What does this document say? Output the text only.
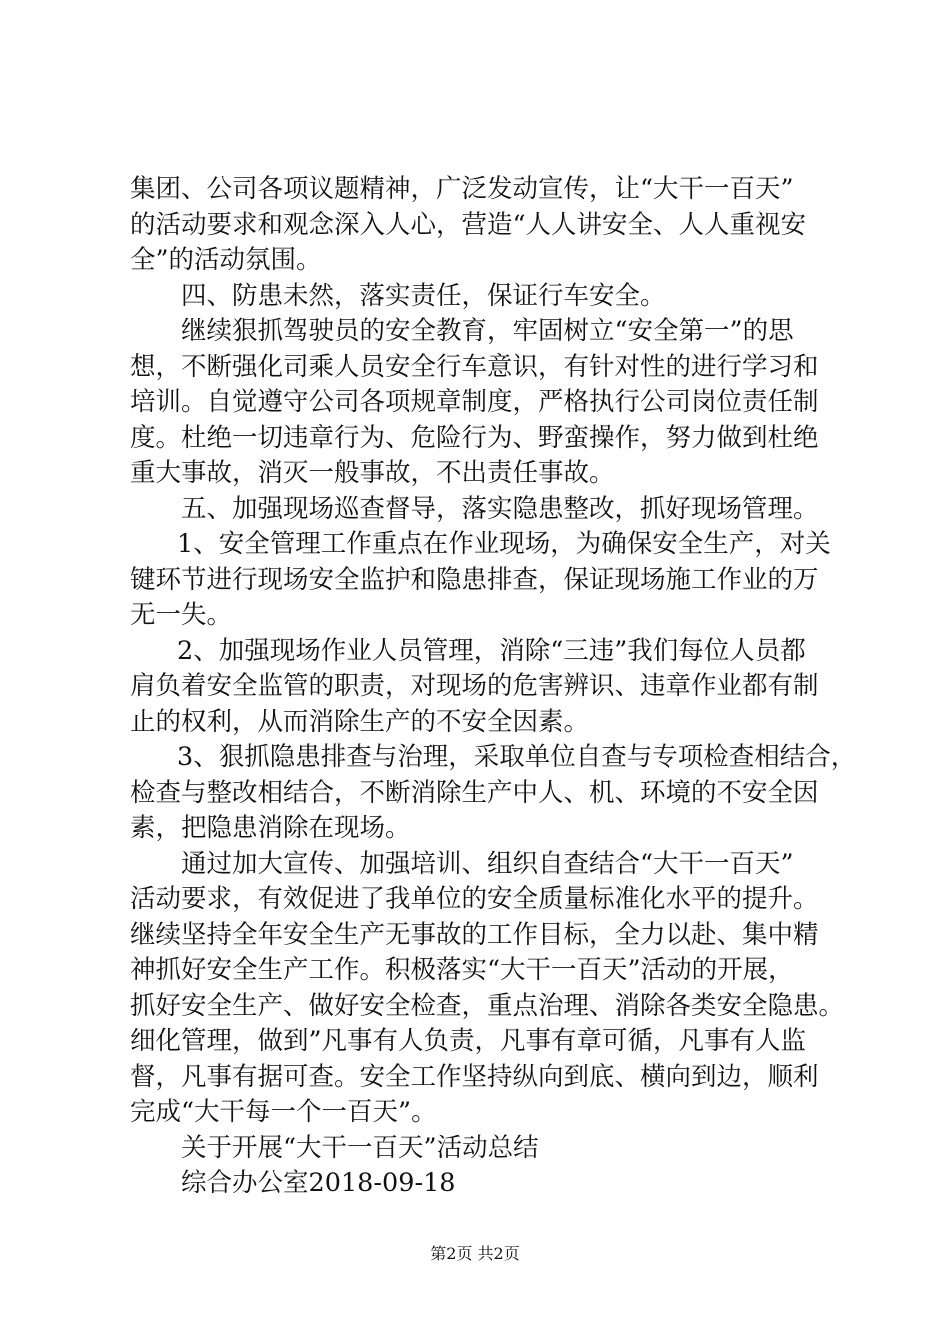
集团、公司各项议题精神，广泛发动宣传，让“大干一百天”
的活动要求和观念深入人心，营造“人人讲安全、人人重视安
全”的活动氛围。
四、防患未然，落实责任，保证行车安全。
继续狠抓驾驶员的安全教育，牢固树立“安全第一”的思
想，不断强化司乘人员安全行车意识，有针对性的进行学习和
培训。自觉遵守公司各项规章制度，严格执行公司岗位责任制
度。杜绝一切违章行为、危险行为、野蛮操作，努力做到杜绝
重大事故，消灭一般事故，不出责任事故。
五、加强现场巡查督导，落实隐患整改，抓好现场管理。
1、安全管理工作重点在作业现场，为确保安全生产，对关
键环节进行现场安全监护和隐患排查，保证现场施工作业的万
无一失。
2、加强现场作业人员管理，消除“三违”我们每位人员都
肩负着安全监管的职责，对现场的危害辨识、违章作业都有制
止的权利，从而消除生产的不安全因素。
3、狠抓隐患排查与治理，采取单位自查与专项检查相结合，
检查与整改相结合，不断消除生产中人、机、环境的不安全因
素，把隐患消除在现场。
通过加大宣传、加强培训、组织自查结合“大干一百天”
活动要求，有效促进了我单位的安全质量标准化水平的提升。
继续坚持全年安全生产无事故的工作目标，全力以赴、集中精
神抓好安全生产工作。积极落实“大干一百天”活动的开展，
抓好安全生产、做好安全检查，重点治理、消除各类安全隐患。
细化管理，做到”凡事有人负责，凡事有章可循，凡事有人监
督，凡事有据可查。安全工作坚持纵向到底、横向到边，顺利
完成“大干每一个一百天”。
关于开展“大干一百天”活动总结
综合办公室2018-09-18
第2页 共2页
